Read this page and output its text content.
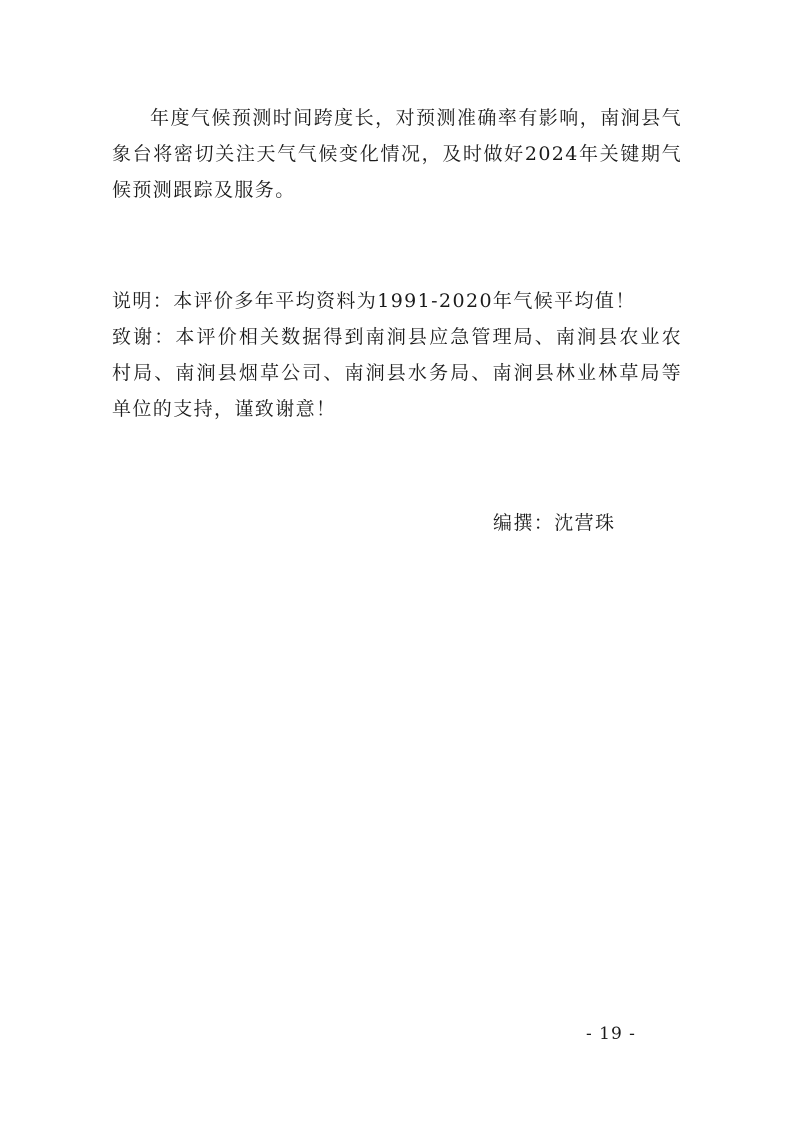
年度气候预测时间跨度长，对预测准确率有影响，南涧县气象台将密切关注天气气候变化情况，及时做好2024年关键期气候预测跟踪及服务。

说明：本评价多年平均资料为1991-2020年气候平均值！

致谢：本评价相关数据得到南涧县应急管理局、南涧县农业农村局、南涧县烟草公司、南涧县水务局、南涧县林业林草局等单位的支持，谨致谢意！

编撰：沈营珠

- 19 -
